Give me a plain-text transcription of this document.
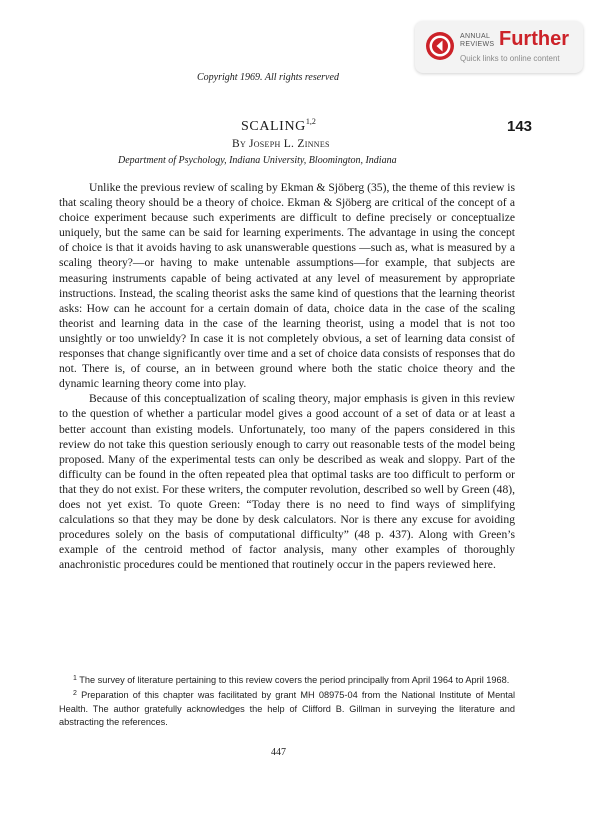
ANNUAL
REVIEWS Further
Quick links to online content
Copyright 1969. All rights reserved
SCALING$^{1,2}$	143
By Joseph L. Zinnes
Department of Psychology, Indiana University, Bloomington, Indiana

Unlike the previous review of scaling by Ekman & Sjöberg (35), the theme of this review is that scaling theory should be a theory of choice. Ekman & Sjöberg are critical of the concept of a choice experiment because such experiments are difficult to define precisely or conceptualize uniquely, but the same can be said for learning experiments. The advantage in using the concept of choice is that it avoids having to ask unanswerable questions —such as, what is measured by a scaling theory?—or having to make untenable assumptions—for example, that subjects are measuring instruments capable of being activated at any level of measurement by appropriate instructions. Instead, the scaling theorist asks the same kind of questions that the learning theorist asks: How can he account for a certain domain of data, choice data in the case of the scaling theorist and learning data in the case of the learning theorist, using a model that is not too unsightly or too unwieldy? In case it is not completely obvious, a set of learning data consist of responses that change significantly over time and a set of choice data consists of responses that do not. There is, of course, an in between ground where both the static choice theory and the dynamic learning theory come into play.

Because of this conceptualization of scaling theory, major emphasis is given in this review to the question of whether a particular model gives a good account of a set of data or at least a better account than existing models. Unfortunately, too many of the papers considered in this review do not take this question seriously enough to carry out reasonable tests of the model being proposed. Many of the experimental tests can only be described as weak and sloppy. Part of the difficulty can be found in the often repeated plea that optimal tasks are too difficult to perform or that they do not exist. For these writers, the computer revolution, described so well by Green (48), does not yet exist. To quote Green: “Today there is no need to find ways of simplifying calculations so that they may be done by desk calculators. Nor is there any excuse for avoiding procedures solely on the basis of computational difficulty” (48 p. 437). Along with Green’s example of the centroid method of factor analysis, many other examples of thoroughly anachronistic procedures could be mentioned that routinely occur in the papers reviewed here.

$^1$ The survey of literature pertaining to this review covers the period principally from April 1964 to April 1968.

$^2$ Preparation of this chapter was facilitated by grant MH 08975-04 from the National Institute of Mental Health. The author gratefully acknowledges the help of Clifford B. Gillman in surveying the literature and abstracting the references.

447
